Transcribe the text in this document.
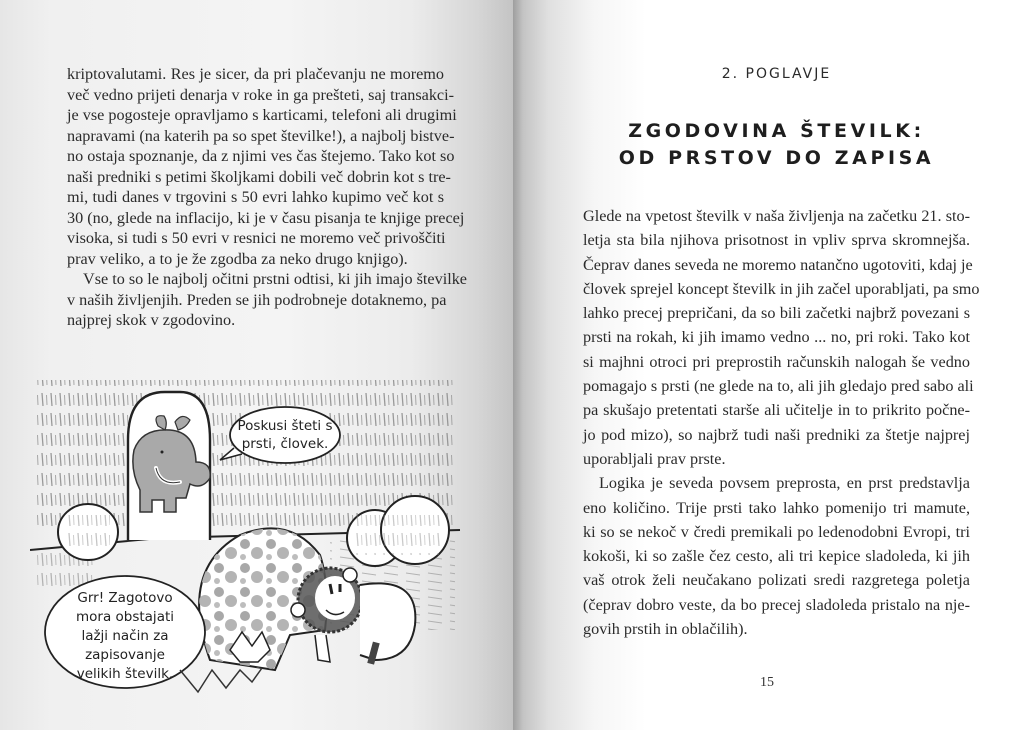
kriptovalutami. Res je sicer, da pri plačevanju ne moremo
več vedno prijeti denarja v roke in ga prešteti, saj transakci-
je vse pogosteje opravljamo s karticami, telefoni ali drugimi
napravami (na katerih pa so spet številke!), a najbolj bistve-
no ostaja spoznanje, da z njimi ves čas štejemo. Tako kot so
naši predniki s petimi školjkami dobili več dobrin kot s tre-
mi, tudi danes v trgovini s 50 evri lahko kupimo več kot s
30 (no, glede na inflacijo, ki je v času pisanja te knjige precej
visoka, si tudi s 50 evri v resnici ne moremo več privoščiti
prav veliko, a to je že zgodba za neko drugo knjigo).
Vse to so le najbolj očitni prstni odtisi, ki jih imajo številke
v naših življenjih. Preden se jih podrobneje dotaknemo, pa
najprej skok v zgodovino.
Poskusi šteti s
prsti, človek.
Grr! Zagotovo
mora obstajati
lažji način za
zapisovanje
velikih številk.
2. POGLAVJE
ZGODOVINA ŠTEVILK:
OD PRSTOV DO ZAPISA
Glede na vpetost številk v naša življenja na začetku 21. sto-
letja sta bila njihova prisotnost in vpliv sprva skromnejša.
Čeprav danes seveda ne moremo natančno ugotoviti, kdaj je
človek sprejel koncept številk in jih začel uporabljati, pa smo
lahko precej prepričani, da so bili začetki najbrž povezani s
prsti na rokah, ki jih imamo vedno ... no, pri roki. Tako kot
si majhni otroci pri preprostih računskih nalogah še vedno
pomagajo s prsti (ne glede na to, ali jih gledajo pred sabo ali
pa skušajo pretentati starše ali učitelje in to prikrito počne-
jo pod mizo), so najbrž tudi naši predniki za štetje najprej
uporabljali prav prste.
Logika je seveda povsem preprosta, en prst predstavlja
eno količino. Trije prsti tako lahko pomenijo tri mamute,
ki so se nekoč v čredi premikali po ledenodobni Evropi, tri
kokoši, ki so zašle čez cesto, ali tri kepice sladoleda, ki jih
vaš otrok želi neučakano polizati sredi razgretega poletja
(čeprav dobro veste, da bo precej sladoleda pristalo na nje-
govih prstih in oblačilih).
15
